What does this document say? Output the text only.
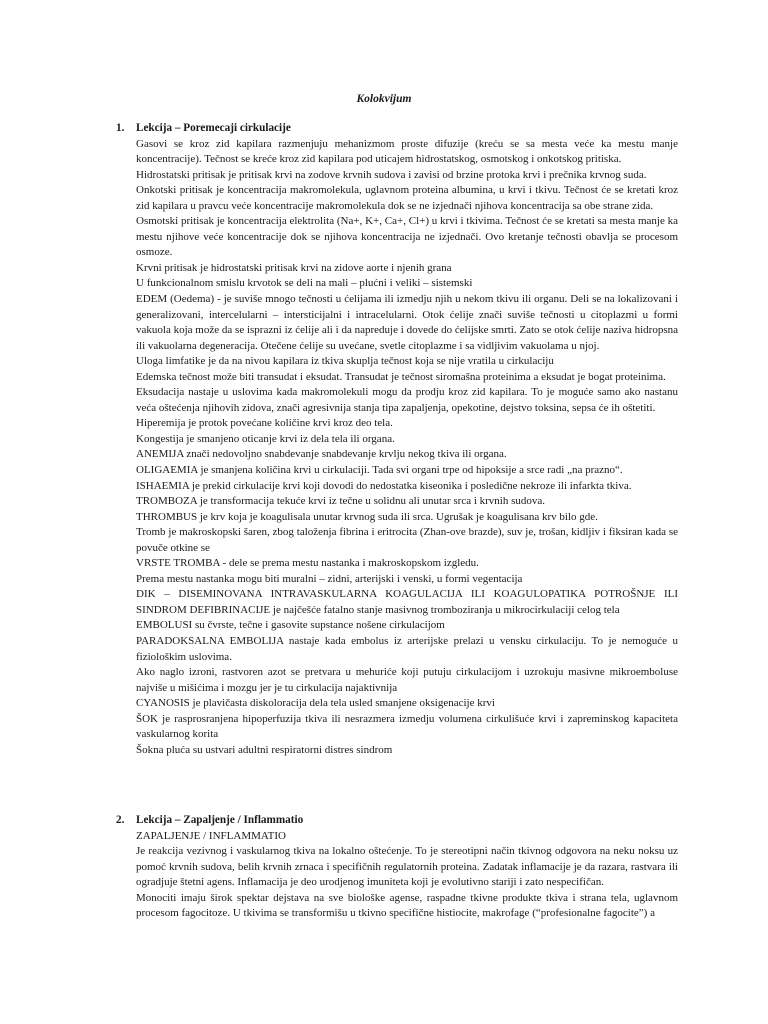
Kolokvijum
1. Lekcija – Poremecaji cirkulacije

Gasovi se kroz zid kapilara razmenjuju mehanizmom proste difuzije (kreću se sa mesta veće ka mestu manje koncentracije). Tečnost se kreće kroz zid kapilara pod uticajem hidrostatskog, osmotskog i onkotskog pritiska.

Hidrostatski pritisak je pritisak krvi na zodove krvnih sudova i zavisi od brzine protoka krvi i prečnika krvnog suda.

Onkotski pritisak je koncentracija makromolekula, uglavnom proteina albumina, u krvi i tkivu. Tečnost će se kretati kroz zid kapilara u pravcu veće koncentracije makromolekula dok se ne izjednači njihova koncentracija sa obe strane zida.

Osmotski pritisak je koncentracija elektrolita (Na+, K+, Ca+, Cl+) u krvi i tkivima. Tečnost će se kretati sa mesta manje ka mestu njihove veće koncentracije dok se njihova koncentracija ne izjednači. Ovo kretanje tečnosti obavlja se procesom osmoze.

Krvni pritisak je hidrostatski pritisak krvi na zidove aorte i njenih grana

U funkcionalnom smislu krvotok se deli na mali – plućni i veliki – sistemski

EDEM (Oedema) - je suviše mnogo tečnosti u ćelijama ili izmedju njih u nekom tkivu ili organu. Deli se na lokalizovani i generalizovani, intercelularni – intersticijalni i intracelularni. Otok ćelije znači suviše tečnosti u citoplazmi u formi vakuola koja može da se isprazni iz ćelije ali i da napreduje i dovede do ćelijske smrti. Zato se otok ćelije naziva hidropsna ili vakuolarna degeneracija. Otečene ćelije su uvećane, svetle citoplazme i sa vidljivim vakuolama u njoj.

Uloga limfatike je da na nivou kapilara iz tkiva skuplja tečnost koja se nije vratila u cirkulaciju

Edemska tečnost može biti transudat i eksudat. Transudat je tečnost siromašna proteinima a eksudat je bogat proteinima.

Eksudacija nastaje u uslovima kada makromolekuli mogu da prodju kroz zid kapilara. To je moguće samo ako nastanu veća oštećenja njihovih zidova, znači agresivnija stanja tipa zapaljenja, opekotine, dejstvo toksina, sepsa će ih oštetiti.

Hiperemija je protok povećane količine krvi kroz deo tela.

Kongestija je smanjeno oticanje krvi iz dela tela ili organa.

ANEMIJA znači nedovoljno snabdevanje snabdevanje krvlju nekog tkiva ili organa.

OLIGAEMIA je smanjena količina krvi u cirkulaciji. Tada svi organi trpe od hipoksije a srce radi „na prazno“.

ISHAEMIA je prekid cirkulacije krvi koji dovodi do nedostatka kiseonika i posledične nekroze ili infarkta tkiva.

TROMBOZA je transformacija tekuće krvi iz tečne u solidnu ali unutar srca i krvnih sudova.

THROMBUS je krv koja je koagulisala unutar krvnog suda ili srca. Ugrušak je koagulisana krv bilo gde.

Tromb je makroskopski šaren, zbog taloženja fibrina i eritrocita (Zhan-ove brazde), suv je, trošan, kidljiv i fiksiran kada se povuče otkine se

VRSTE TROMBA - dele se prema mestu nastanka i makroskopskom izgledu.

Prema mestu nastanka mogu biti muralni – zidni, arterijski i venski, u formi vegentacija

DIK – DISEMINOVANA INTRAVASKULARNA KOAGULACIJA ILI KOAGULOPATIKA POTROŠNJE ILI SINDROM DEFIBRINACIJE je najčešće fatalno stanje masivnog tromboziranja u mikrocirkulaciji celog tela

EMBOLUSI su čvrste, tečne i gasovite supstance nošene cirkulacijom

PARADOKSALNA EMBOLIJA nastaje kada embolus iz arterijske prelazi u vensku cirkulaciju. To je nemoguće u fiziološkim uslovima.

Ako naglo izroni, rastvoren azot se pretvara u mehuriće koji putuju cirkulacijom i uzrokuju masivne mikroemboluse najviše u mišićima i mozgu jer je tu cirkulacija najaktivnija

CYANOSIS je plavičasta diskoloracija dela tela usled smanjene oksigenacije krvi

ŠOK je rasprosranjena hipoperfuzija tkiva ili nesrazmera izmedju volumena cirkulišuće krvi i zapreminskog kapaciteta vaskularnog korita

Šokna pluća su ustvari adultni respiratorni distres sindrom

2. Lekcija – Zapaljenje / Inflammatio

ZAPALJENJE / INFLAMMATIO

Je reakcija vezivnog i vaskularnog tkiva na lokalno oštećenje. To je stereotipni način tkivnog odgovora na neku noksu uz pomoć krvnih sudova, belih krvnih zrnaca i specifičnih regulatornih proteina. Zadatak inflamacije je da razara, rastvara ili ogradjuje štetni agens. Inflamacija je deo urodjenog imuniteta koji je evolutivno stariji i zato nespecifičan.

Monociti imaju širok spektar dejstava na sve biološke agense, raspadne tkivne produkte tkiva i strana tela, uglavnom procesom fagocitoze. U tkivima se transformišu u tkivno specifične histiocite, makrofage (“profesionalne fagocite”) a
